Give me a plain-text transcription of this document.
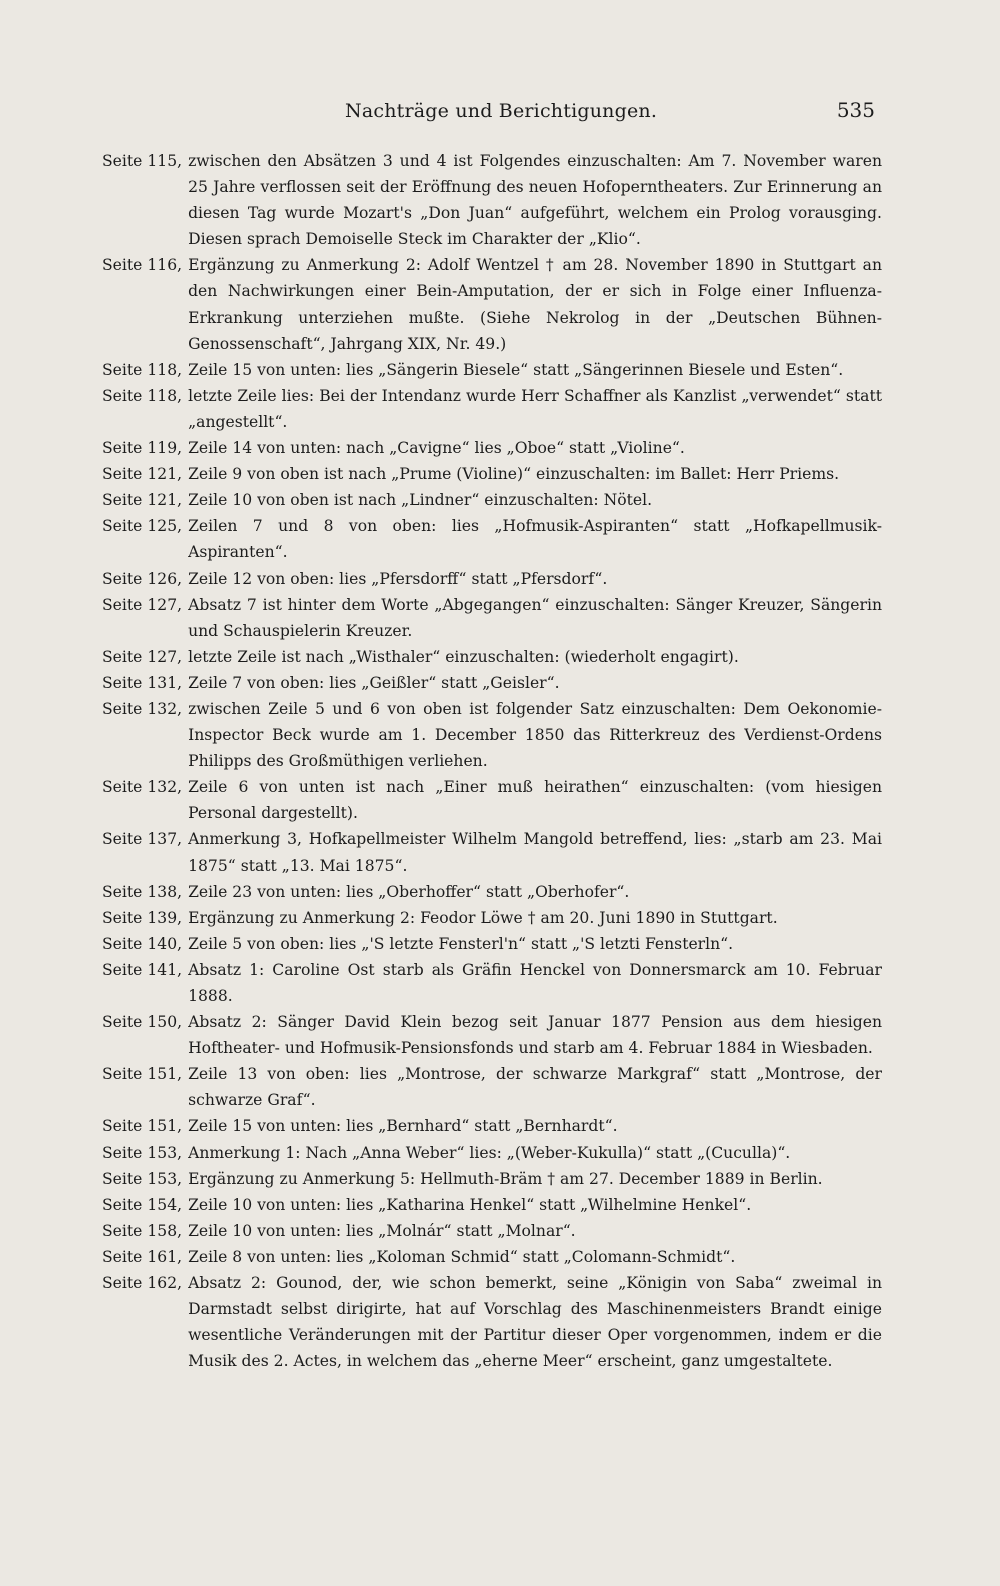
Nachträge und Berichtigungen.	535
Seite 115, zwischen den Absätzen 3 und 4 ist Folgendes einzuschalten: Am 7. November waren 25 Jahre verflossen seit der Eröffnung des neuen Hofoperntheaters. Zur Erinnerung an diesen Tag wurde Mozart's „Don Juan“ aufgeführt, welchem ein Prolog vorausging. Diesen sprach Demoiselle Steck im Charakter der „Klio“.
Seite 116, Ergänzung zu Anmerkung 2: Adolf Wentzel † am 28. November 1890 in Stuttgart an den Nachwirkungen einer Bein-Amputation, der er sich in Folge einer Influenza-Erkrankung unterziehen mußte. (Siehe Nekrolog in der „Deutschen Bühnen-Genossenschaft“, Jahrgang XIX, Nr. 49.)
Seite 118, Zeile 15 von unten: lies „Sängerin Biesele“ statt „Sängerinnen Biesele und Esten“.
Seite 118, letzte Zeile lies: Bei der Intendanz wurde Herr Schaffner als Kanzlist „verwendet“ statt „angestellt“.
Seite 119, Zeile 14 von unten: nach „Cavigne“ lies „Oboe“ statt „Violine“.
Seite 121, Zeile 9 von oben ist nach „Prume (Violine)“ einzuschalten: im Ballet: Herr Priems.
Seite 121, Zeile 10 von oben ist nach „Lindner“ einzuschalten: Nötel.
Seite 125, Zeilen 7 und 8 von oben: lies „Hofmusik-Aspiranten“ statt „Hofkapellmusik-Aspiranten“.
Seite 126, Zeile 12 von oben: lies „Pfersdorff“ statt „Pfersdorf“.
Seite 127, Absatz 7 ist hinter dem Worte „Abgegangen“ einzuschalten: Sänger Kreuzer, Sängerin und Schauspielerin Kreuzer.
Seite 127, letzte Zeile ist nach „Wisthaler“ einzuschalten: (wiederholt engagirt).
Seite 131, Zeile 7 von oben: lies „Geißler“ statt „Geisler“.
Seite 132, zwischen Zeile 5 und 6 von oben ist folgender Satz einzuschalten: Dem Oekonomie-Inspector Beck wurde am 1. December 1850 das Ritterkreuz des Verdienst-Ordens Philipps des Großmüthigen verliehen.
Seite 132, Zeile 6 von unten ist nach „Einer muß heirathen“ einzuschalten: (vom hiesigen Personal dargestellt).
Seite 137, Anmerkung 3, Hofkapellmeister Wilhelm Mangold betreffend, lies: „starb am 23. Mai 1875“ statt „13. Mai 1875“.
Seite 138, Zeile 23 von unten: lies „Oberhoffer“ statt „Oberhofer“.
Seite 139, Ergänzung zu Anmerkung 2: Feodor Löwe † am 20. Juni 1890 in Stuttgart.
Seite 140, Zeile 5 von oben: lies „'S letzte Fensterl'n“ statt „'S letzti Fensterln“.
Seite 141, Absatz 1: Caroline Ost starb als Gräfin Henckel von Donnersmarck am 10. Februar 1888.
Seite 150, Absatz 2: Sänger David Klein bezog seit Januar 1877 Pension aus dem hiesigen Hoftheater- und Hofmusik-Pensionsfonds und starb am 4. Februar 1884 in Wiesbaden.
Seite 151, Zeile 13 von oben: lies „Montrose, der schwarze Markgraf“ statt „Montrose, der schwarze Graf“.
Seite 151, Zeile 15 von unten: lies „Bernhard“ statt „Bernhardt“.
Seite 153, Anmerkung 1: Nach „Anna Weber“ lies: „(Weber-Kukulla)“ statt „(Cuculla)“.
Seite 153, Ergänzung zu Anmerkung 5: Hellmuth-Bräm † am 27. December 1889 in Berlin.
Seite 154, Zeile 10 von unten: lies „Katharina Henkel“ statt „Wilhelmine Henkel“.
Seite 158, Zeile 10 von unten: lies „Molnár“ statt „Molnar“.
Seite 161, Zeile 8 von unten: lies „Koloman Schmid“ statt „Colomann-Schmidt“.
Seite 162, Absatz 2: Gounod, der, wie schon bemerkt, seine „Königin von Saba“ zweimal in Darmstadt selbst dirigirte, hat auf Vorschlag des Maschinenmeisters Brandt einige wesentliche Veränderungen mit der Partitur dieser Oper vorgenommen, indem er die Musik des 2. Actes, in welchem das „eherne Meer“ erscheint, ganz umgestaltete.
